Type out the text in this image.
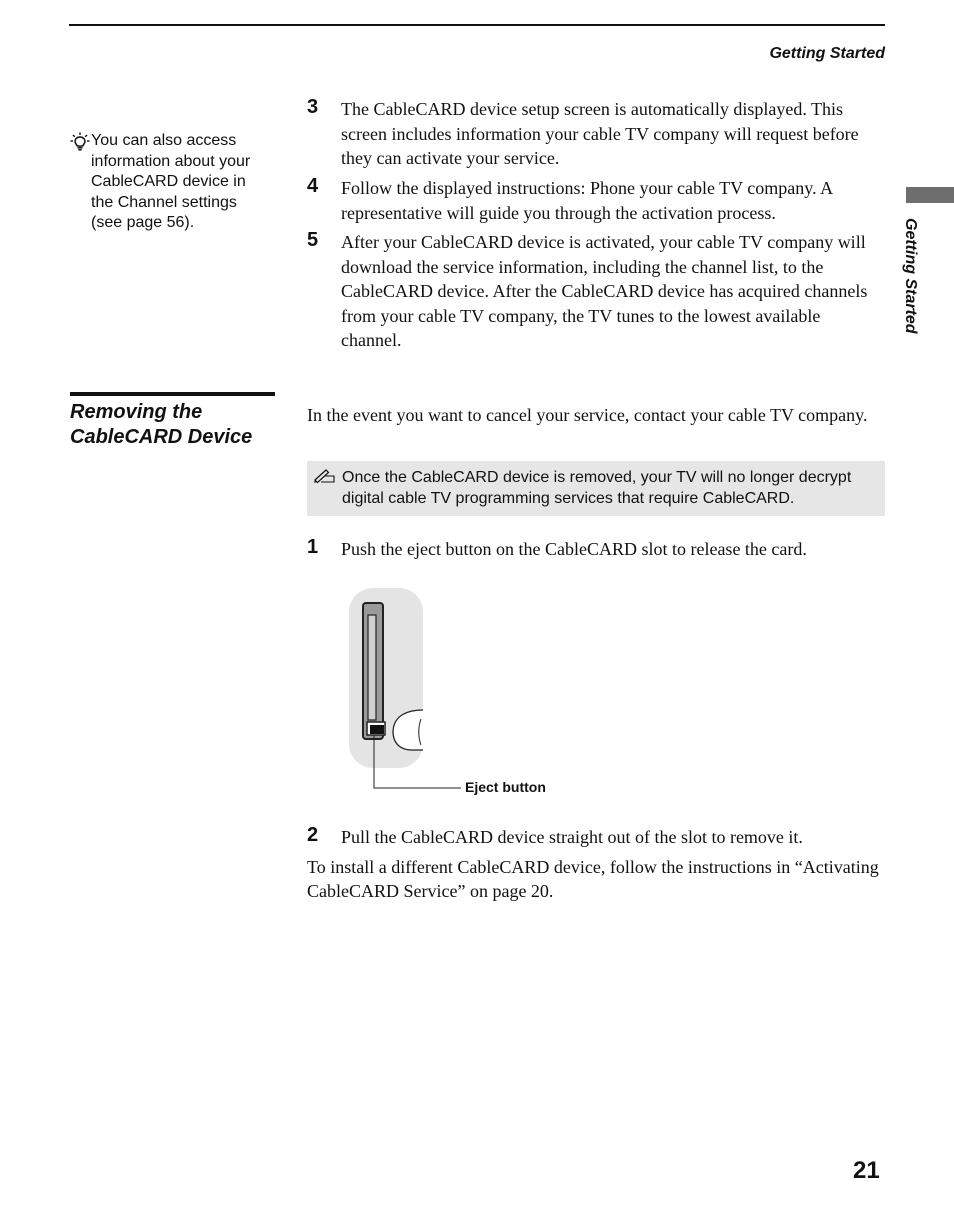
Getting Started
Getting Started
You can also access information about your CableCARD device in the Channel settings (see page 56).
3 The CableCARD device setup screen is automatically displayed. This screen includes information your cable TV company will request before they can activate your service.
4 Follow the displayed instructions: Phone your cable TV company. A representative will guide you through the activation process.
5 After your CableCARD device is activated, your cable TV company will download the service information, including the channel list, to the CableCARD device. After the CableCARD device has acquired channels from your cable TV company, the TV tunes to the lowest available channel.
Removing the CableCARD Device
In the event you want to cancel your service, contact your cable TV company.
Once the CableCARD device is removed, your TV will no longer decrypt digital cable TV programming services that require CableCARD.
1 Push the eject button on the CableCARD slot to release the card.
Eject button
2 Pull the CableCARD device straight out of the slot to remove it.
To install a different CableCARD device, follow the instructions in “Activating CableCARD Service” on page 20.
21
